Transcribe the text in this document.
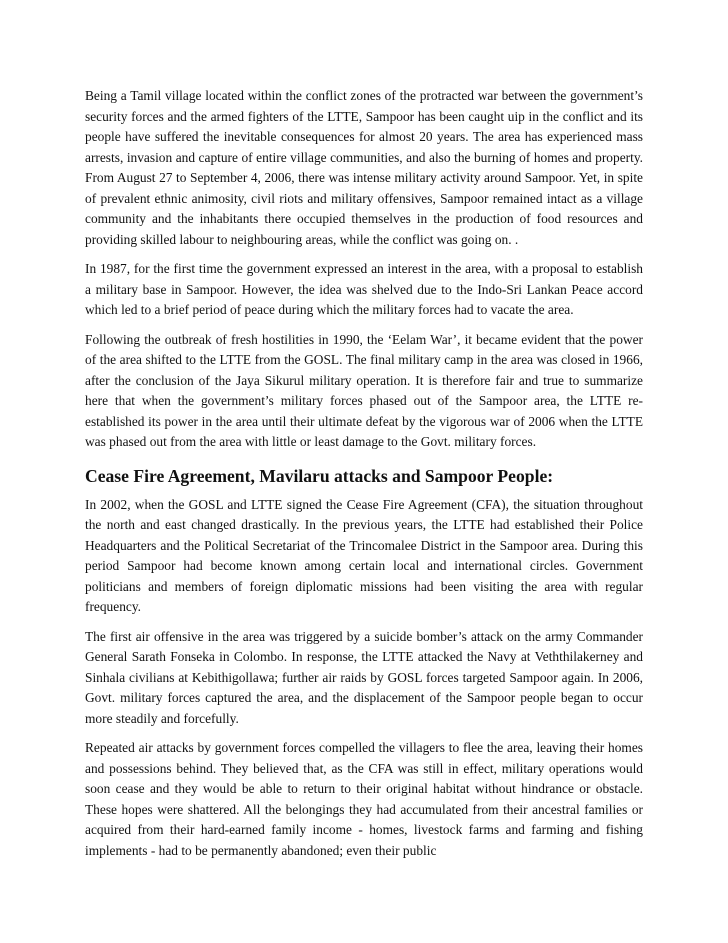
Being a Tamil village located within the conflict zones of the protracted war between the government’s security forces and the armed fighters of the LTTE, Sampoor has been caught uip in the conflict and its people have suffered the inevitable consequences for almost 20 years. The area has experienced mass arrests, invasion and capture of entire village communities, and also the burning of homes and property. From August 27 to September 4, 2006, there was intense military activity around Sampoor. Yet, in spite of prevalent ethnic animosity, civil riots and military offensives, Sampoor remained intact as a village community and the inhabitants there occupied themselves in the production of food resources and providing skilled labour to neighbouring areas, while the conflict was going on. .

In 1987, for the first time the government expressed an interest in the area, with a proposal to establish a military base in Sampoor. However, the idea was shelved due to the Indo-Sri Lankan Peace accord which led to a brief period of peace during which the military forces had to vacate the area.

Following the outbreak of fresh hostilities in 1990, the ‘Eelam War’, it became evident that the power of the area shifted to the LTTE from the GOSL. The final military camp in the area was closed in 1966, after the conclusion of the Jaya Sikurul military operation. It is therefore fair and true to summarize here that when the government’s military forces phased out of the Sampoor area, the LTTE re-established its power in the area until their ultimate defeat by the vigorous war of 2006 when the LTTE was phased out from the area with little or least damage to the Govt. military forces.

Cease Fire Agreement, Mavilaru attacks and Sampoor People:

In 2002, when the GOSL and LTTE signed the Cease Fire Agreement (CFA), the situation throughout the north and east changed drastically. In the previous years, the LTTE had established their Police Headquarters and the Political Secretariat of the Trincomalee District in the Sampoor area. During this period Sampoor had become known among certain local and international circles. Government politicians and members of foreign diplomatic missions had been visiting the area with regular frequency.

The first air offensive in the area was triggered by a suicide bomber’s attack on the army Commander General Sarath Fonseka in Colombo. In response, the LTTE attacked the Navy at Veththilakerney and Sinhala civilians at Kebithigollawa; further air raids by GOSL forces targeted Sampoor again. In 2006, Govt. military forces captured the area, and the displacement of the Sampoor people began to occur more steadily and forcefully.

Repeated air attacks by government forces compelled the villagers to flee the area, leaving their homes and possessions behind. They believed that, as the CFA was still in effect, military operations would soon cease and they would be able to return to their original habitat without hindrance or obstacle. These hopes were shattered. All the belongings they had accumulated from their ancestral families or acquired from their hard-earned family income - homes, livestock farms and farming and fishing implements - had to be permanently abandoned; even their public
